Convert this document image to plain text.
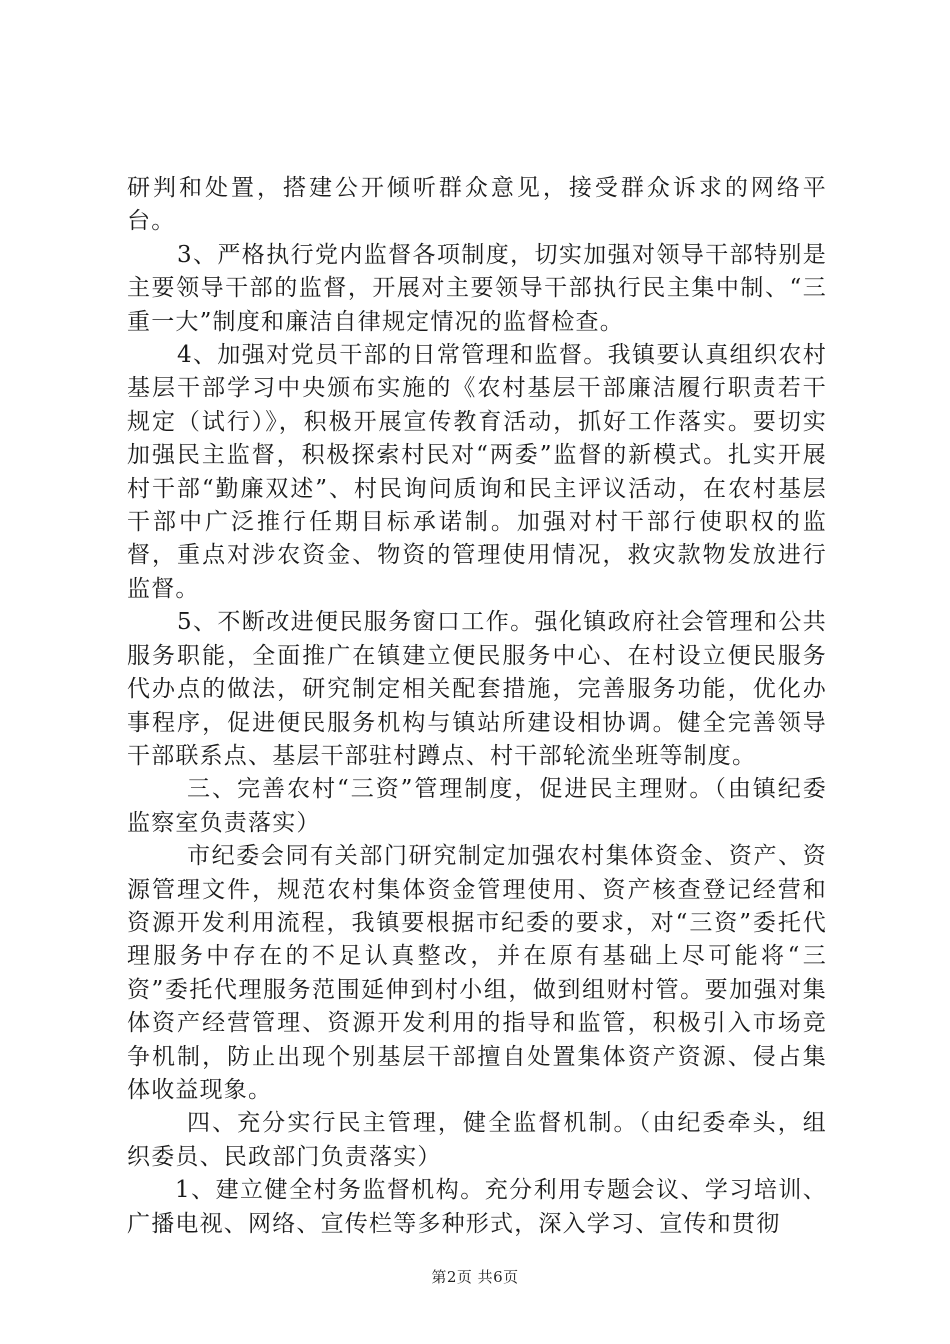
研判和处置，搭建公开倾听群众意见，接受群众诉求的网络平台。

3、严格执行党内监督各项制度，切实加强对领导干部特别是主要领导干部的监督，开展对主要领导干部执行民主集中制、“三重一大”制度和廉洁自律规定情况的监督检查。

4、加强对党员干部的日常管理和监督。我镇要认真组织农村基层干部学习中央颁布实施的《农村基层干部廉洁履行职责若干规定（试行）》，积极开展宣传教育活动，抓好工作落实。要切实加强民主监督，积极探索村民对“两委”监督的新模式。扎实开展村干部“勤廉双述”、村民询问质询和民主评议活动，在农村基层干部中广泛推行任期目标承诺制。加强对村干部行使职权的监督，重点对涉农资金、物资的管理使用情况，救灾款物发放进行监督。

5、不断改进便民服务窗口工作。强化镇政府社会管理和公共服务职能，全面推广在镇建立便民服务中心、在村设立便民服务代办点的做法，研究制定相关配套措施，完善服务功能，优化办事程序，促进便民服务机构与镇站所建设相协调。健全完善领导干部联系点、基层干部驻村蹲点、村干部轮流坐班等制度。

三、完善农村“三资”管理制度，促进民主理财。（由镇纪委监察室负责落实）

市纪委会同有关部门研究制定加强农村集体资金、资产、资源管理文件，规范农村集体资金管理使用、资产核查登记经营和资源开发利用流程，我镇要根据市纪委的要求，对“三资”委托代理服务中存在的不足认真整改，并在原有基础上尽可能将“三资”委托代理服务范围延伸到村小组，做到组财村管。要加强对集体资产经营管理、资源开发利用的指导和监管，积极引入市场竞争机制，防止出现个别基层干部擅自处置集体资产资源、侵占集体收益现象。

四、充分实行民主管理，健全监督机制。（由纪委牵头，组织委员、民政部门负责落实）

1、建立健全村务监督机构。充分利用专题会议、学习培训、广播电视、网络、宣传栏等多种形式，深入学习、宣传和贯彻

第2页 共6页
